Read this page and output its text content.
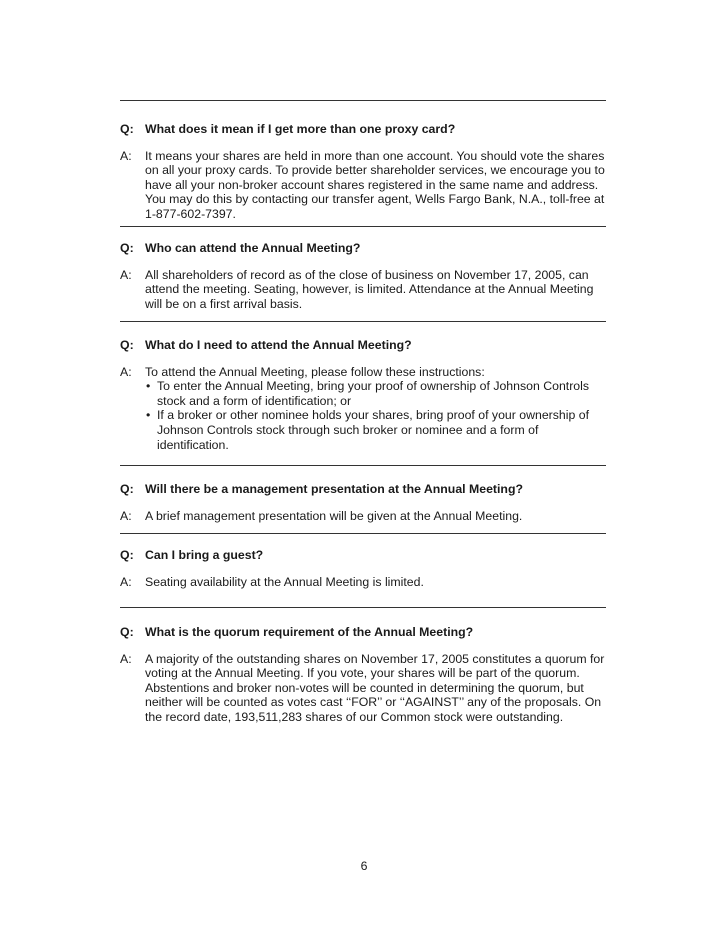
Q: What does it mean if I get more than one proxy card?
A: It means your shares are held in more than one account. You should vote the shares on all your proxy cards. To provide better shareholder services, we encourage you to have all your non-broker account shares registered in the same name and address. You may do this by contacting our transfer agent, Wells Fargo Bank, N.A., toll-free at 1-877-602-7397.
Q: Who can attend the Annual Meeting?
A: All shareholders of record as of the close of business on November 17, 2005, can attend the meeting. Seating, however, is limited. Attendance at the Annual Meeting will be on a first arrival basis.
Q: What do I need to attend the Annual Meeting?
A: To attend the Annual Meeting, please follow these instructions:
• To enter the Annual Meeting, bring your proof of ownership of Johnson Controls stock and a form of identification; or
• If a broker or other nominee holds your shares, bring proof of your ownership of Johnson Controls stock through such broker or nominee and a form of identification.
Q: Will there be a management presentation at the Annual Meeting?
A: A brief management presentation will be given at the Annual Meeting.
Q: Can I bring a guest?
A: Seating availability at the Annual Meeting is limited.
Q: What is the quorum requirement of the Annual Meeting?
A: A majority of the outstanding shares on November 17, 2005 constitutes a quorum for voting at the Annual Meeting. If you vote, your shares will be part of the quorum. Abstentions and broker non-votes will be counted in determining the quorum, but neither will be counted as votes cast ‘‘FOR’’ or ‘‘AGAINST’’ any of the proposals. On the record date, 193,511,283 shares of our Common stock were outstanding.
6
